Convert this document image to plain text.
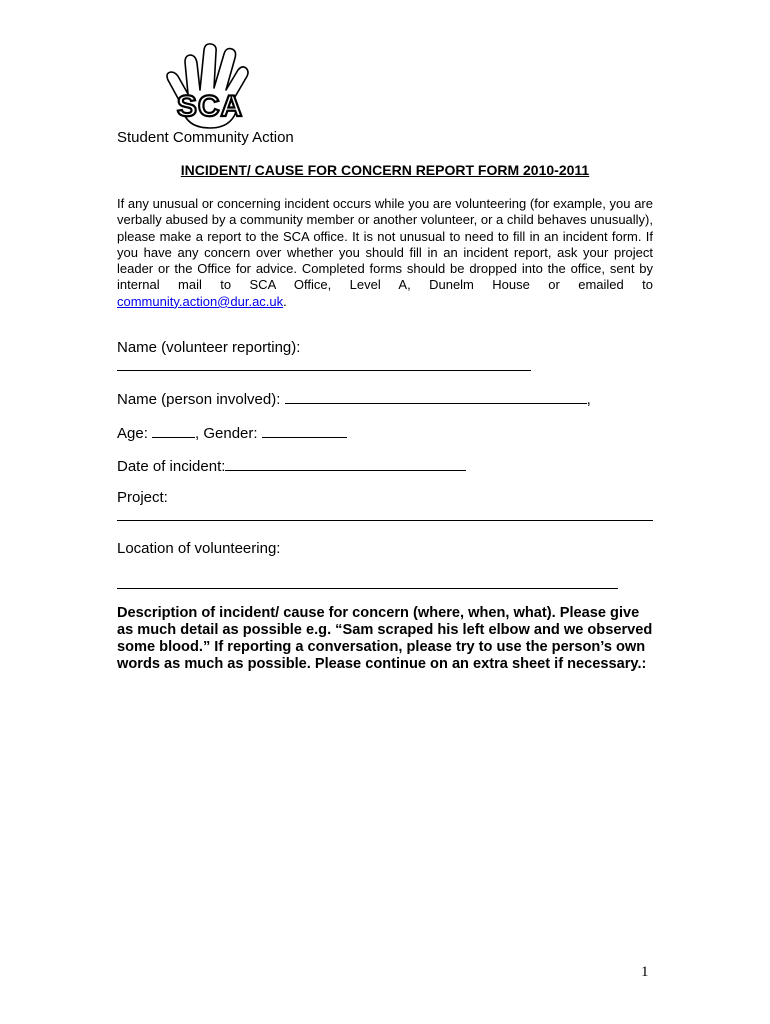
SCA
Student Community Action
INCIDENT/ CAUSE FOR CONCERN REPORT FORM 2010-2011
If any unusual or concerning incident occurs while you are volunteering (for example, you are verbally abused by a community member or another volunteer, or a child behaves unusually), please make a report to the SCA office. It is not unusual to need to fill in an incident form. If you have any concern over whether you should fill in an incident report, ask your project leader or the Office for advice. Completed forms should be dropped into the office, sent by internal mail to SCA Office, Level A, Dunelm House or emailed to community.action@dur.ac.uk.
Name (volunteer reporting):
Name (person involved):	,
Age:	, Gender:
Date of incident:
Project:
Location of volunteering:
Description of incident/ cause for concern (where, when, what). Please give as much detail as possible e.g. “Sam scraped his left elbow and we observed some blood.” If reporting a conversation, please try to use the person’s own words as much as possible. Please continue on an extra sheet if necessary.:
1
